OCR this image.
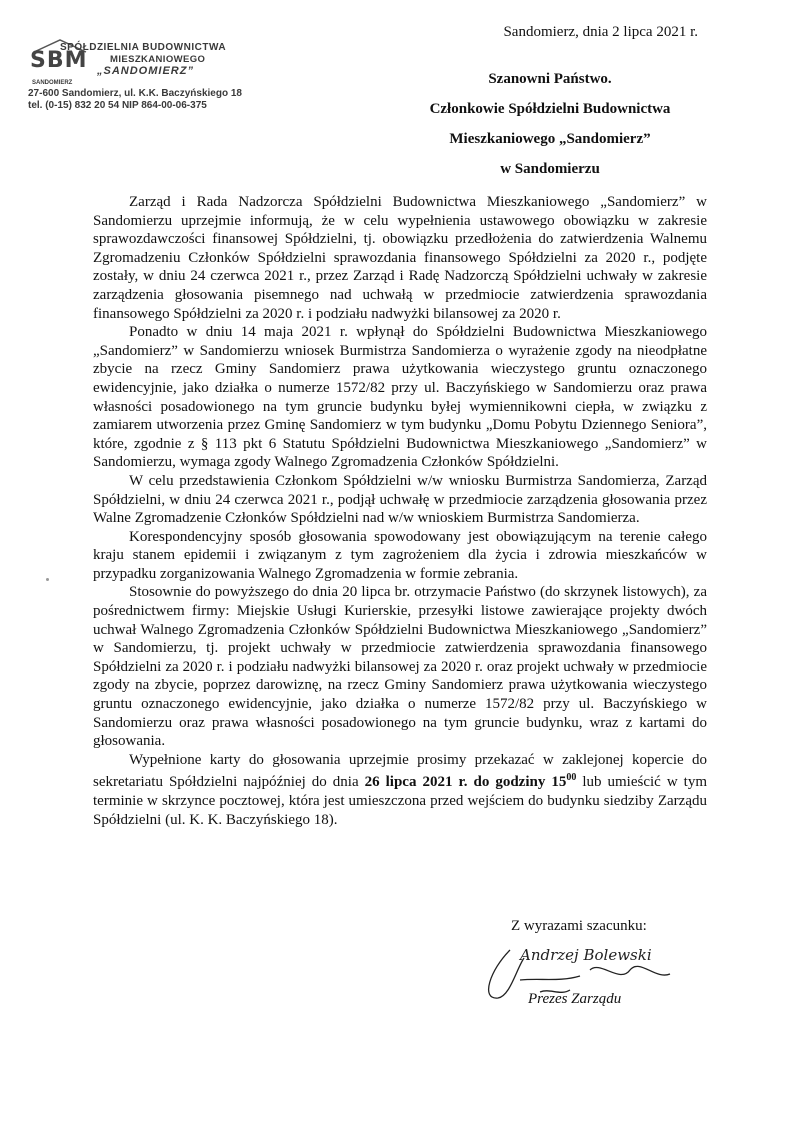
SBM
SPÓŁDZIELNIA BUDOWNICTWA
MIESZKANIOWEGO
„SANDOMIERZ”
SANDOMIERZ
27-600 Sandomierz, ul. K.K. Baczyńskiego 18
tel. (0-15) 832 20 54 NIP 864-00-06-375
Sandomierz, dnia 2 lipca 2021 r.
Szanowni Państwo.
Członkowie Spółdzielni Budownictwa
Mieszkaniowego „Sandomierz”
w Sandomierzu

Zarząd i Rada Nadzorcza Spółdzielni Budownictwa Mieszkaniowego „Sandomierz” w Sandomierzu uprzejmie informują, że w celu wypełnienia ustawowego obowiązku w zakresie sprawozdawczości finansowej Spółdzielni, tj. obowiązku przedłożenia do zatwierdzenia Walnemu Zgromadzeniu Członków Spółdzielni sprawozdania finansowego Spółdzielni za 2020 r., podjęte zostały, w dniu 24 czerwca 2021 r., przez Zarząd i Radę Nadzorczą Spółdzielni uchwały w zakresie zarządzenia głosowania pisemnego nad uchwałą w przedmiocie zatwierdzenia sprawozdania finansowego Spółdzielni za 2020 r. i podziału nadwyżki bilansowej za 2020 r.

Ponadto w dniu 14 maja 2021 r. wpłynął do Spółdzielni Budownictwa Mieszkaniowego „Sandomierz” w Sandomierzu wniosek Burmistrza Sandomierza o wyrażenie zgody na nieodpłatne zbycie na rzecz Gminy Sandomierz prawa użytkowania wieczystego gruntu oznaczonego ewidencyjnie, jako działka o numerze 1572/82 przy ul. Baczyńskiego w Sandomierzu oraz prawa własności posadowionego na tym gruncie budynku byłej wymiennikowni ciepła, w związku z zamiarem utworzenia przez Gminę Sandomierz w tym budynku „Domu Pobytu Dziennego Seniora”, które, zgodnie z § 113 pkt 6 Statutu Spółdzielni Budownictwa Mieszkaniowego „Sandomierz” w Sandomierzu, wymaga zgody Walnego Zgromadzenia Członków Spółdzielni.

W celu przedstawienia Członkom Spółdzielni w/w wniosku Burmistrza Sandomierza, Zarząd Spółdzielni, w dniu 24 czerwca 2021 r., podjął uchwałę w przedmiocie zarządzenia głosowania przez Walne Zgromadzenie Członków Spółdzielni nad w/w wnioskiem Burmistrza Sandomierza.

Korespondencyjny sposób głosowania spowodowany jest obowiązującym na terenie całego kraju stanem epidemii i związanym z tym zagrożeniem dla życia i zdrowia mieszkańców w przypadku zorganizowania Walnego Zgromadzenia w formie zebrania.

Stosownie do powyższego do dnia 20 lipca br. otrzymacie Państwo (do skrzynek listowych), za pośrednictwem firmy: Miejskie Usługi Kurierskie, przesyłki listowe zawierające projekty dwóch uchwał Walnego Zgromadzenia Członków Spółdzielni Budownictwa Mieszkaniowego „Sandomierz” w Sandomierzu, tj. projekt uchwały w przedmiocie zatwierdzenia sprawozdania finansowego Spółdzielni za 2020 r. i podziału nadwyżki bilansowej za 2020 r. oraz projekt uchwały w przedmiocie zgody na zbycie, poprzez darowiznę, na rzecz Gminy Sandomierz prawa użytkowania wieczystego gruntu oznaczonego ewidencyjnie, jako działka o numerze 1572/82 przy ul. Baczyńskiego w Sandomierzu oraz prawa własności posadowionego na tym gruncie budynku, wraz z kartami do głosowania.

Wypełnione karty do głosowania uprzejmie prosimy przekazać w zaklejonej kopercie do sekretariatu Spółdzielni najpóźniej do dnia 26 lipca 2021 r. do godziny $15^{00}$ lub umieścić w tym terminie w skrzynce pocztowej, która jest umieszczona przed wejściem do budynku siedziby Zarządu Spółdzielni (ul. K. K. Baczyńskiego 18).

Z wyrazami szacunku:
Andrzej Bolewski
Prezes Zarządu
